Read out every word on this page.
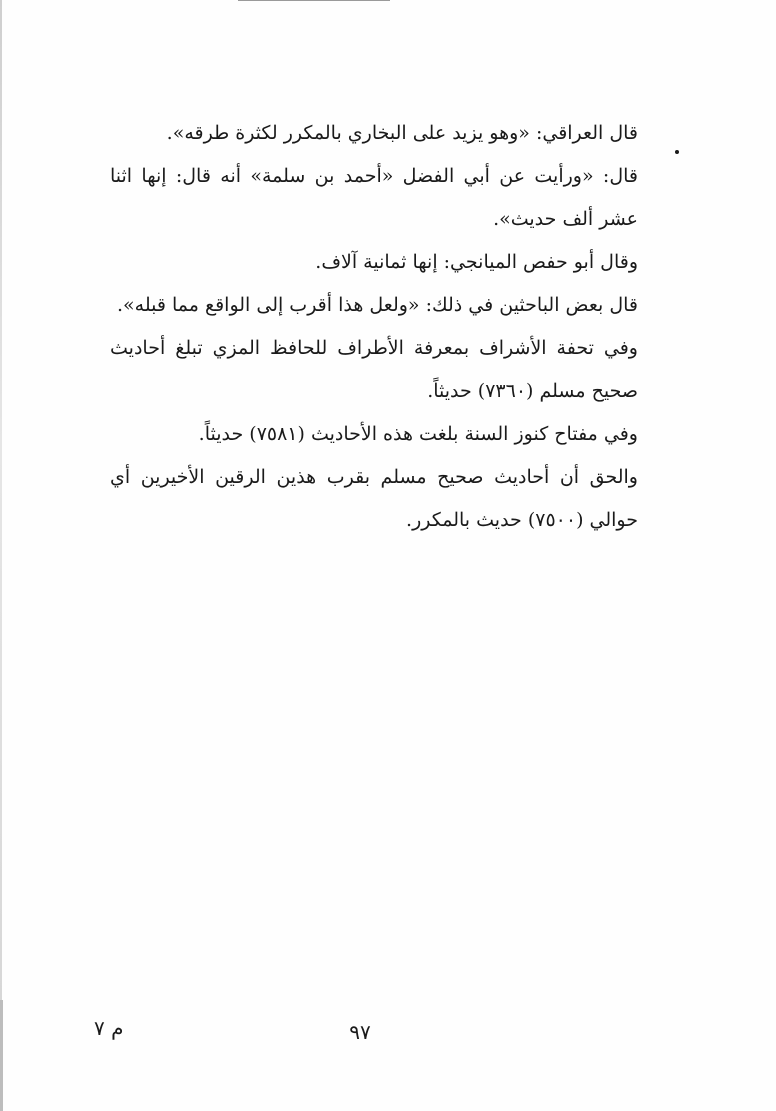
قال العراقي: «وهو يزيد على البخاري بالمكرر لكثرة طرقه».

قال: «ورأيت عن أبي الفضل «أحمد بن سلمة» أنه قال: إنها اثنا عشر ألف حديث».

وقال أبو حفص الميانجي: إنها ثمانية آلاف.

قال بعض الباحثين في ذلك: «ولعل هذا أقرب إلى الواقع مما قبله».

وفي تحفة الأشراف بمعرفة الأطراف للحافظ المزي تبلغ أحاديث صحيح مسلم (٧٣٦٠) حديثاً.

وفي مفتاح كنوز السنة بلغت هذه الأحاديث (٧٥٨١) حديثاً.

والحق أن أحاديث صحيح مسلم بقرب هذين الرقين الأخيرين أي حوالي (٧٥٠٠) حديث بالمكرر.

٩٧
م ٧
